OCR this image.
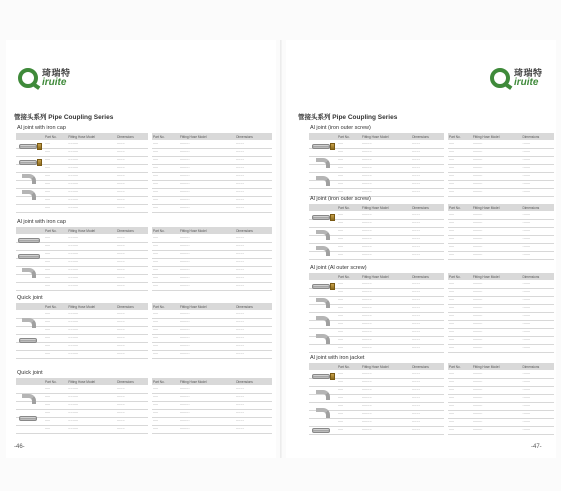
琦瑞特
iruite
琦瑞特
iruite
管接头系列 Pipe Coupling Series
Al joint with iron cap
	Part No.	Fitting Hose Model	Dimensions
	·····	·········	·······
	·····	·········	·······
	·····	·········	·······
	·····	·········	·······
	·····	·········	·······
	·····	·········	·······
	·····	·········	·······
	·····	·········	·······
	·····	·········	·······
Part No.	Fitting Hose Model	Dimensions
·····	·········	·······
·····	·········	·······
·····	·········	·······
·····	·········	·······
·····	·········	·······
·····	·········	·······
·····	·········	·······
·····	·········	·······
·····	·········	·······
Al joint with iron cap
	Part No.	Fitting Hose Model	Dimensions
	·····	·········	·······
	·····	·········	·······
	·····	·········	·······
	·····	·········	·······
	·····	·········	·······
	·····	·········	·······
	·····	·········	·······
Part No.	Fitting Hose Model	Dimensions
·····	·········	·······
·····	·········	·······
·····	·········	·······
·····	·········	·······
·····	·········	·······
·····	·········	·······
·····	·········	·······
Quick joint
	Part No.	Fitting Hose Model	Dimensions
	·····	·········	·······
	·····	·········	·······
	·····	·········	·······
	·····	·········	·······
	·····	·········	·······
	·····	·········	·······
Part No.	Fitting Hose Model	Dimensions
·····	·········	·······
·····	·········	·······
·····	·········	·······
·····	·········	·······
·····	·········	·······
·····	·········	·······
Quick joint
	Part No.	Fitting Hose Model	Dimensions
	·····	·········	·······
	·····	·········	·······
	·····	·········	·······
	·····	·········	·······
	·····	·········	·······
	·····	·········	·······
Part No.	Fitting Hose Model	Dimensions
·····	·········	·······
·····	·········	·······
·····	·········	·······
·····	·········	·······
·····	·········	·······
·····	·········	·······
-46-
管接头系列 Pipe Coupling Series
Al joint (iron outer screw)
	Part No.	Fitting Hose Model	Dimensions
	·····	·········	·······
	·····	·········	·······
	·····	·········	·······
	·····	·········	·······
	·····	·········	·······
	·····	·········	·······
	·····	·········	·······
Part No.	Fitting Hose Model	Dimensions
·····	·········	·······
·····	·········	·······
·····	·········	·······
·····	·········	·······
·····	·········	·······
·····	·········	·······
·····	·········	·······
Al joint (iron outer screw)
	Part No.	Fitting Hose Model	Dimensions
	·····	·········	·······
	·····	·········	·······
	·····	·········	·······
	·····	·········	·······
	·····	·········	·······
	·····	·········	·······
Part No.	Fitting Hose Model	Dimensions
·····	·········	·······
·····	·········	·······
·····	·········	·······
·····	·········	·······
·····	·········	·······
·····	·········	·······
Al joint (Al outer screw)
	Part No.	Fitting Hose Model	Dimensions
	·····	·········	·······
	·····	·········	·······
	·····	·········	·······
	·····	·········	·······
	·····	·········	·······
	·····	·········	·······
	·····	·········	·······
	·····	·········	·······
	·····	·········	·······
Part No.	Fitting Hose Model	Dimensions
·····	·········	·······
·····	·········	·······
·····	·········	·······
·····	·········	·······
·····	·········	·······
·····	·········	·······
·····	·········	·······
·····	·········	·······
·····	·········	·······
Al joint with iron jacket
	Part No.	Fitting Hose Model	Dimensions
	·····	·········	·······
	·····	·········	·······
	·····	·········	·······
	·····	·········	·······
	·····	·········	·······
	·····	·········	·······
	·····	·········	·······
	·····	·········	·······
Part No.	Fitting Hose Model	Dimensions
·····	·········	·······
·····	·········	·······
·····	·········	·······
·····	·········	·······
·····	·········	·······
·····	·········	·······
·····	·········	·······
·····	·········	·······
-47-
